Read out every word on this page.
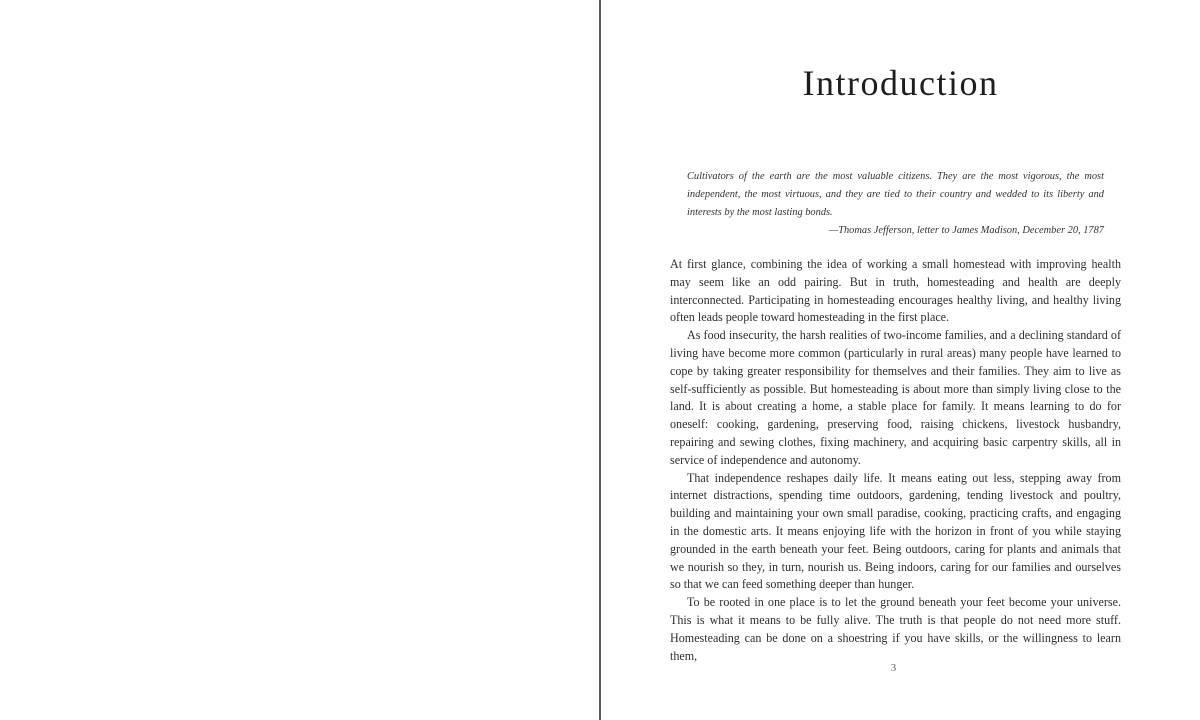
Introduction

Cultivators of the earth are the most valuable citizens. They are the most vigorous, the most independent, the most virtuous, and they are tied to their country and wedded to its liberty and interests by the most lasting bonds.

—Thomas Jefferson, letter to James Madison, December 20, 1787

At first glance, combining the idea of working a small homestead with improving health may seem like an odd pairing. But in truth, homesteading and health are deeply interconnected. Participating in homesteading encourages healthy living, and healthy living often leads people toward homesteading in the first place.

As food insecurity, the harsh realities of two-income families, and a declining standard of living have become more common (particularly in rural areas) many people have learned to cope by taking greater responsibility for themselves and their families. They aim to live as self-sufficiently as possible. But homesteading is about more than simply living close to the land. It is about creating a home, a stable place for family. It means learning to do for oneself: cooking, gardening, preserving food, raising chickens, livestock husbandry, repairing and sewing clothes, fixing machinery, and acquiring basic carpentry skills, all in service of independence and autonomy.

That independence reshapes daily life. It means eating out less, stepping away from internet distractions, spending time outdoors, gardening, tending livestock and poultry, building and maintaining your own small paradise, cooking, practicing crafts, and engaging in the domestic arts. It means enjoying life with the horizon in front of you while staying grounded in the earth beneath your feet. Being outdoors, caring for plants and animals that we nourish so they, in turn, nourish us. Being indoors, caring for our families and ourselves so that we can feed something deeper than hunger.

To be rooted in one place is to let the ground beneath your feet become your universe. This is what it means to be fully alive. The truth is that people do not need more stuff. Homesteading can be done on a shoestring if you have skills, or the willingness to learn them,

3
